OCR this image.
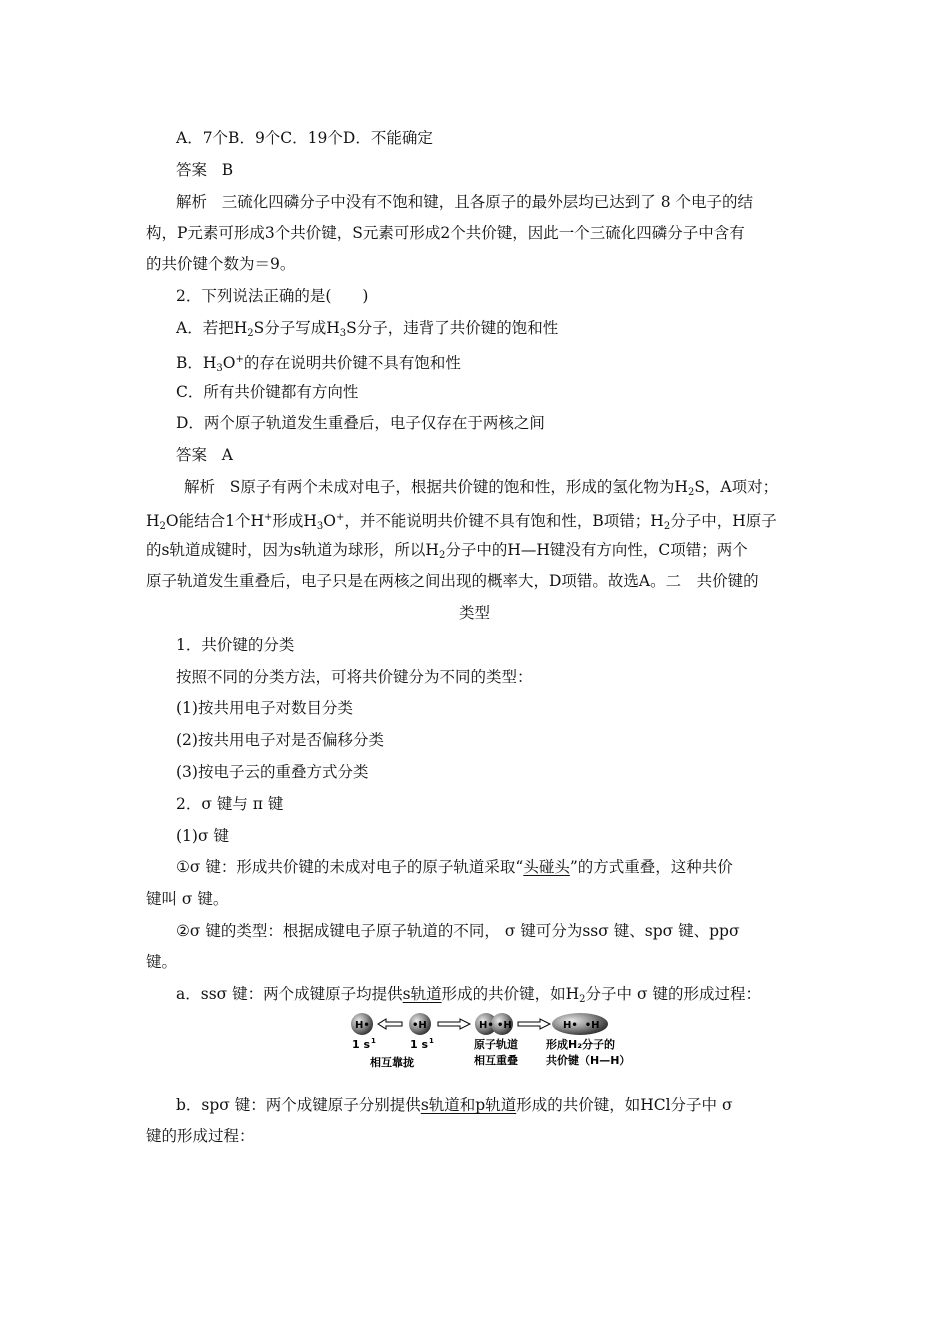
A．7个B．9个C．19个D．不能确定
答案 B
解析 三硫化四磷分子中没有不饱和键，且各原子的最外层均已达到了 8 个电子的结
构，P元素可形成3个共价键，S元素可形成2个共价键，因此一个三硫化四磷分子中含有
的共价键个数为＝9。
2．下列说法正确的是(　　)
A．若把$H_2S$分子写成$H_3S$分子，违背了共价键的饱和性
B．$H_3O^+$的存在说明共价键不具有饱和性
C．所有共价键都有方向性
D．两个原子轨道发生重叠后，电子仅存在于两核之间
答案 A
解析 S原子有两个未成对电子，根据共价键的饱和性，形成的氢化物为$H_2S$，A项对；
$H_2O$能结合1个H+形成$H_3O^+$，并不能说明共价键不具有饱和性，B项错；$H_2$分子中，H原子
的s轨道成键时，因为s轨道为球形，所以$H_2$分子中的H—H键没有方向性，C项错；两个
原子轨道发生重叠后，电子只是在两核之间出现的概率大，D项错。故选A。二　共价键的
类型
1．共价键的分类
按照不同的分类方法，可将共价键分为不同的类型：
(1)按共用电子对数目分类
(2)按共用电子对是否偏移分类
(3)按电子云的重叠方式分类
2．σ 键与 π 键
(1)σ 键
①σ 键：形成共价键的未成对电子的原子轨道采取“头碰头”的方式重叠，这种共价
键叫 σ 键。
②σ 键的类型：根据成键电子原子轨道的不同， σ 键可分为ssσ 键、spσ 键、ppσ
键。
a．ssσ 键：两个成键原子均提供s轨道形成的共价键，如$H_2$分子中 σ 键的形成过程：
H•	•H	H• •H	H•  •H
1 s 1	1 s 1
相互靠拢
原子轨道
相互重叠
形成H₂分子的
共价键（H—H）
b．spσ 键：两个成键原子分别提供s轨道和p轨道形成的共价键，如HCl分子中 σ
键的形成过程：
